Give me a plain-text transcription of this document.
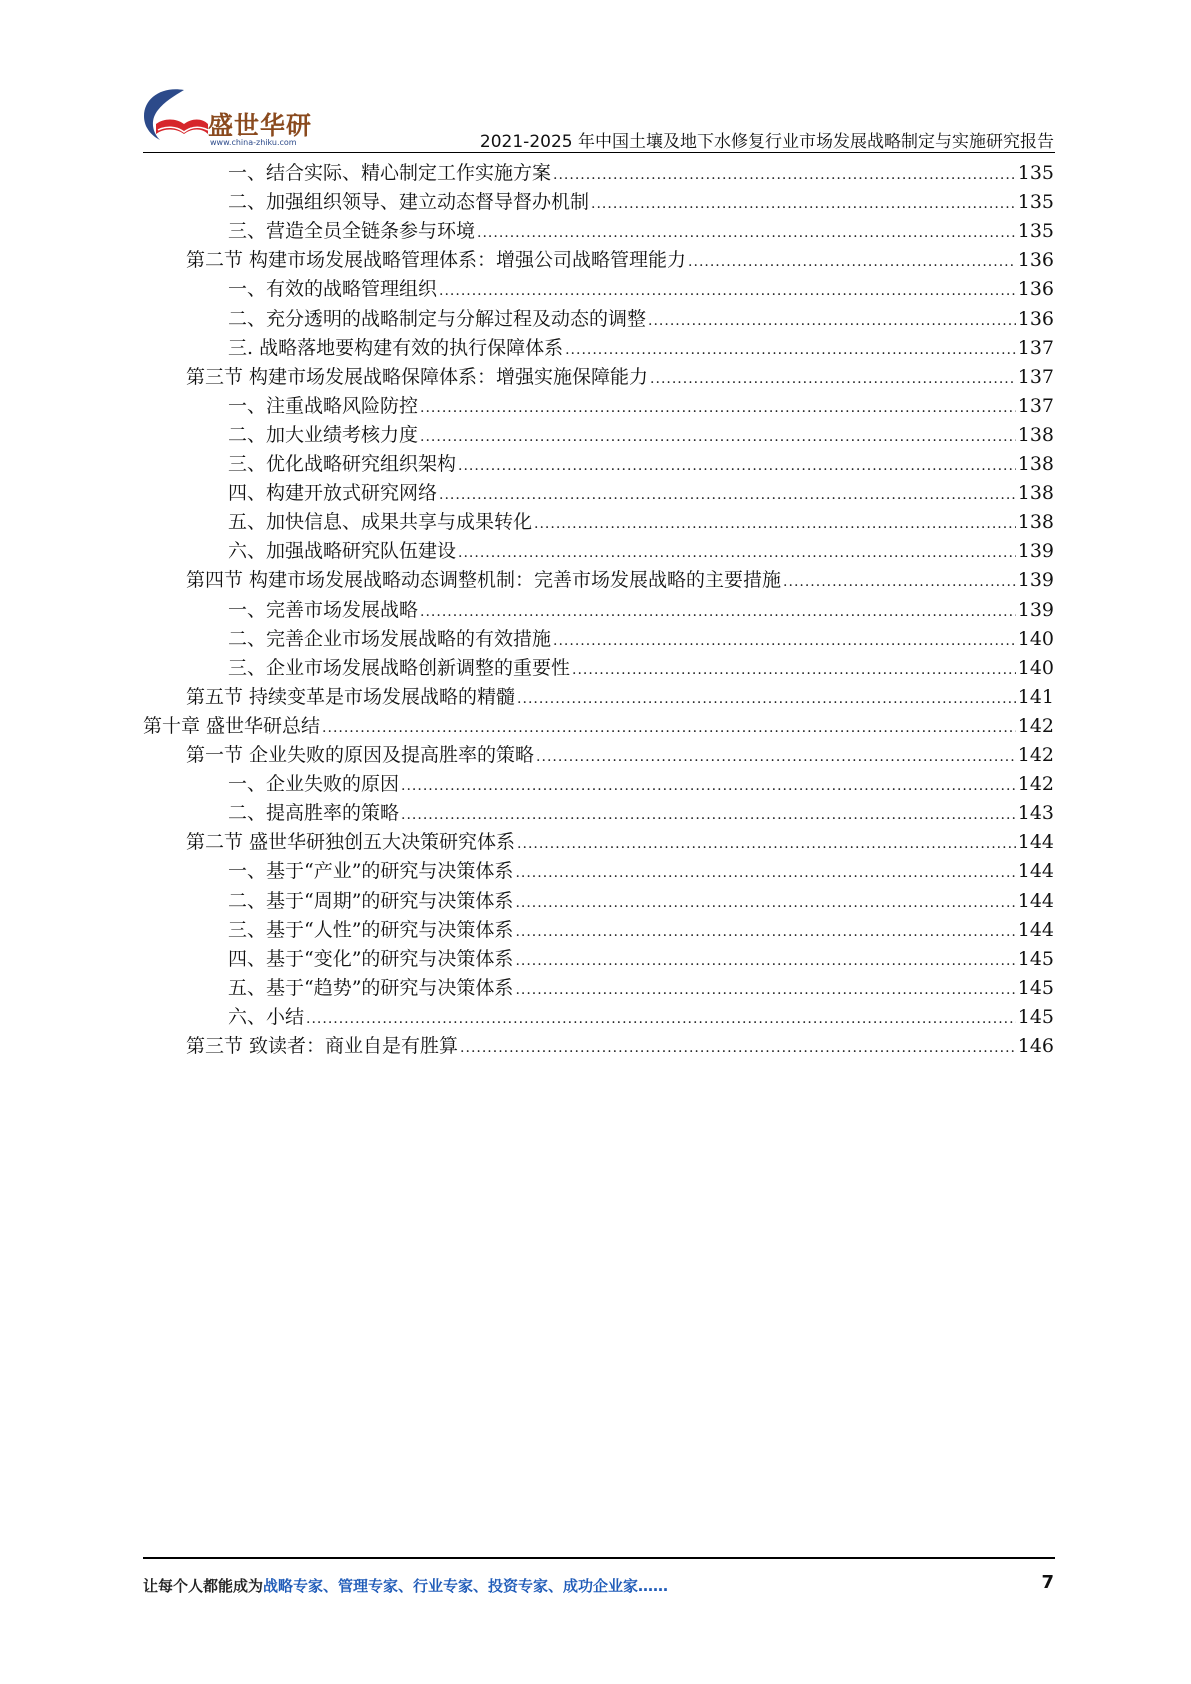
盛世华研
www.china-zhiku.com	2021-2025 年中国土壤及地下水修复行业市场发展战略制定与实施研究报告
一、结合实际、精心制定工作实施方案 .....	135
二、加强组织领导、建立动态督导督办机制 .....	135
三、营造全员全链条参与环境 .....	135
第二节 构建市场发展战略管理体系：增强公司战略管理能力 .....	136
一、有效的战略管理组织 .....	136
二、充分透明的战略制定与分解过程及动态的调整 .....	136
三. 战略落地要构建有效的执行保障体系 .....	137
第三节 构建市场发展战略保障体系：增强实施保障能力 .....	137
一、注重战略风险防控 .....	137
二、加大业绩考核力度 .....	138
三、优化战略研究组织架构 .....	138
四、构建开放式研究网络 .....	138
五、加快信息、成果共享与成果转化 .....	138
六、加强战略研究队伍建设 .....	139
第四节 构建市场发展战略动态调整机制：完善市场发展战略的主要措施 .....	139
一、完善市场发展战略 .....	139
二、完善企业市场发展战略的有效措施 .....	140
三、企业市场发展战略创新调整的重要性 .....	140
第五节 持续变革是市场发展战略的精髓 .....	141
第十章 盛世华研总结 .....	142
第一节 企业失败的原因及提高胜率的策略 .....	142
一、企业失败的原因 .....	142
二、提高胜率的策略 .....	143
第二节 盛世华研独创五大决策研究体系 .....	144
一、基于“产业”的研究与决策体系 .....	144
二、基于“周期”的研究与决策体系 .....	144
三、基于“人性”的研究与决策体系 .....	144
四、基于“变化”的研究与决策体系 .....	145
五、基于“趋势”的研究与决策体系 .....	145
六、小结 .....	145
第三节 致读者：商业自是有胜算 .....	146
让每个人都能成为战略专家、管理专家、行业专家、投资专家、成功企业家……	7
